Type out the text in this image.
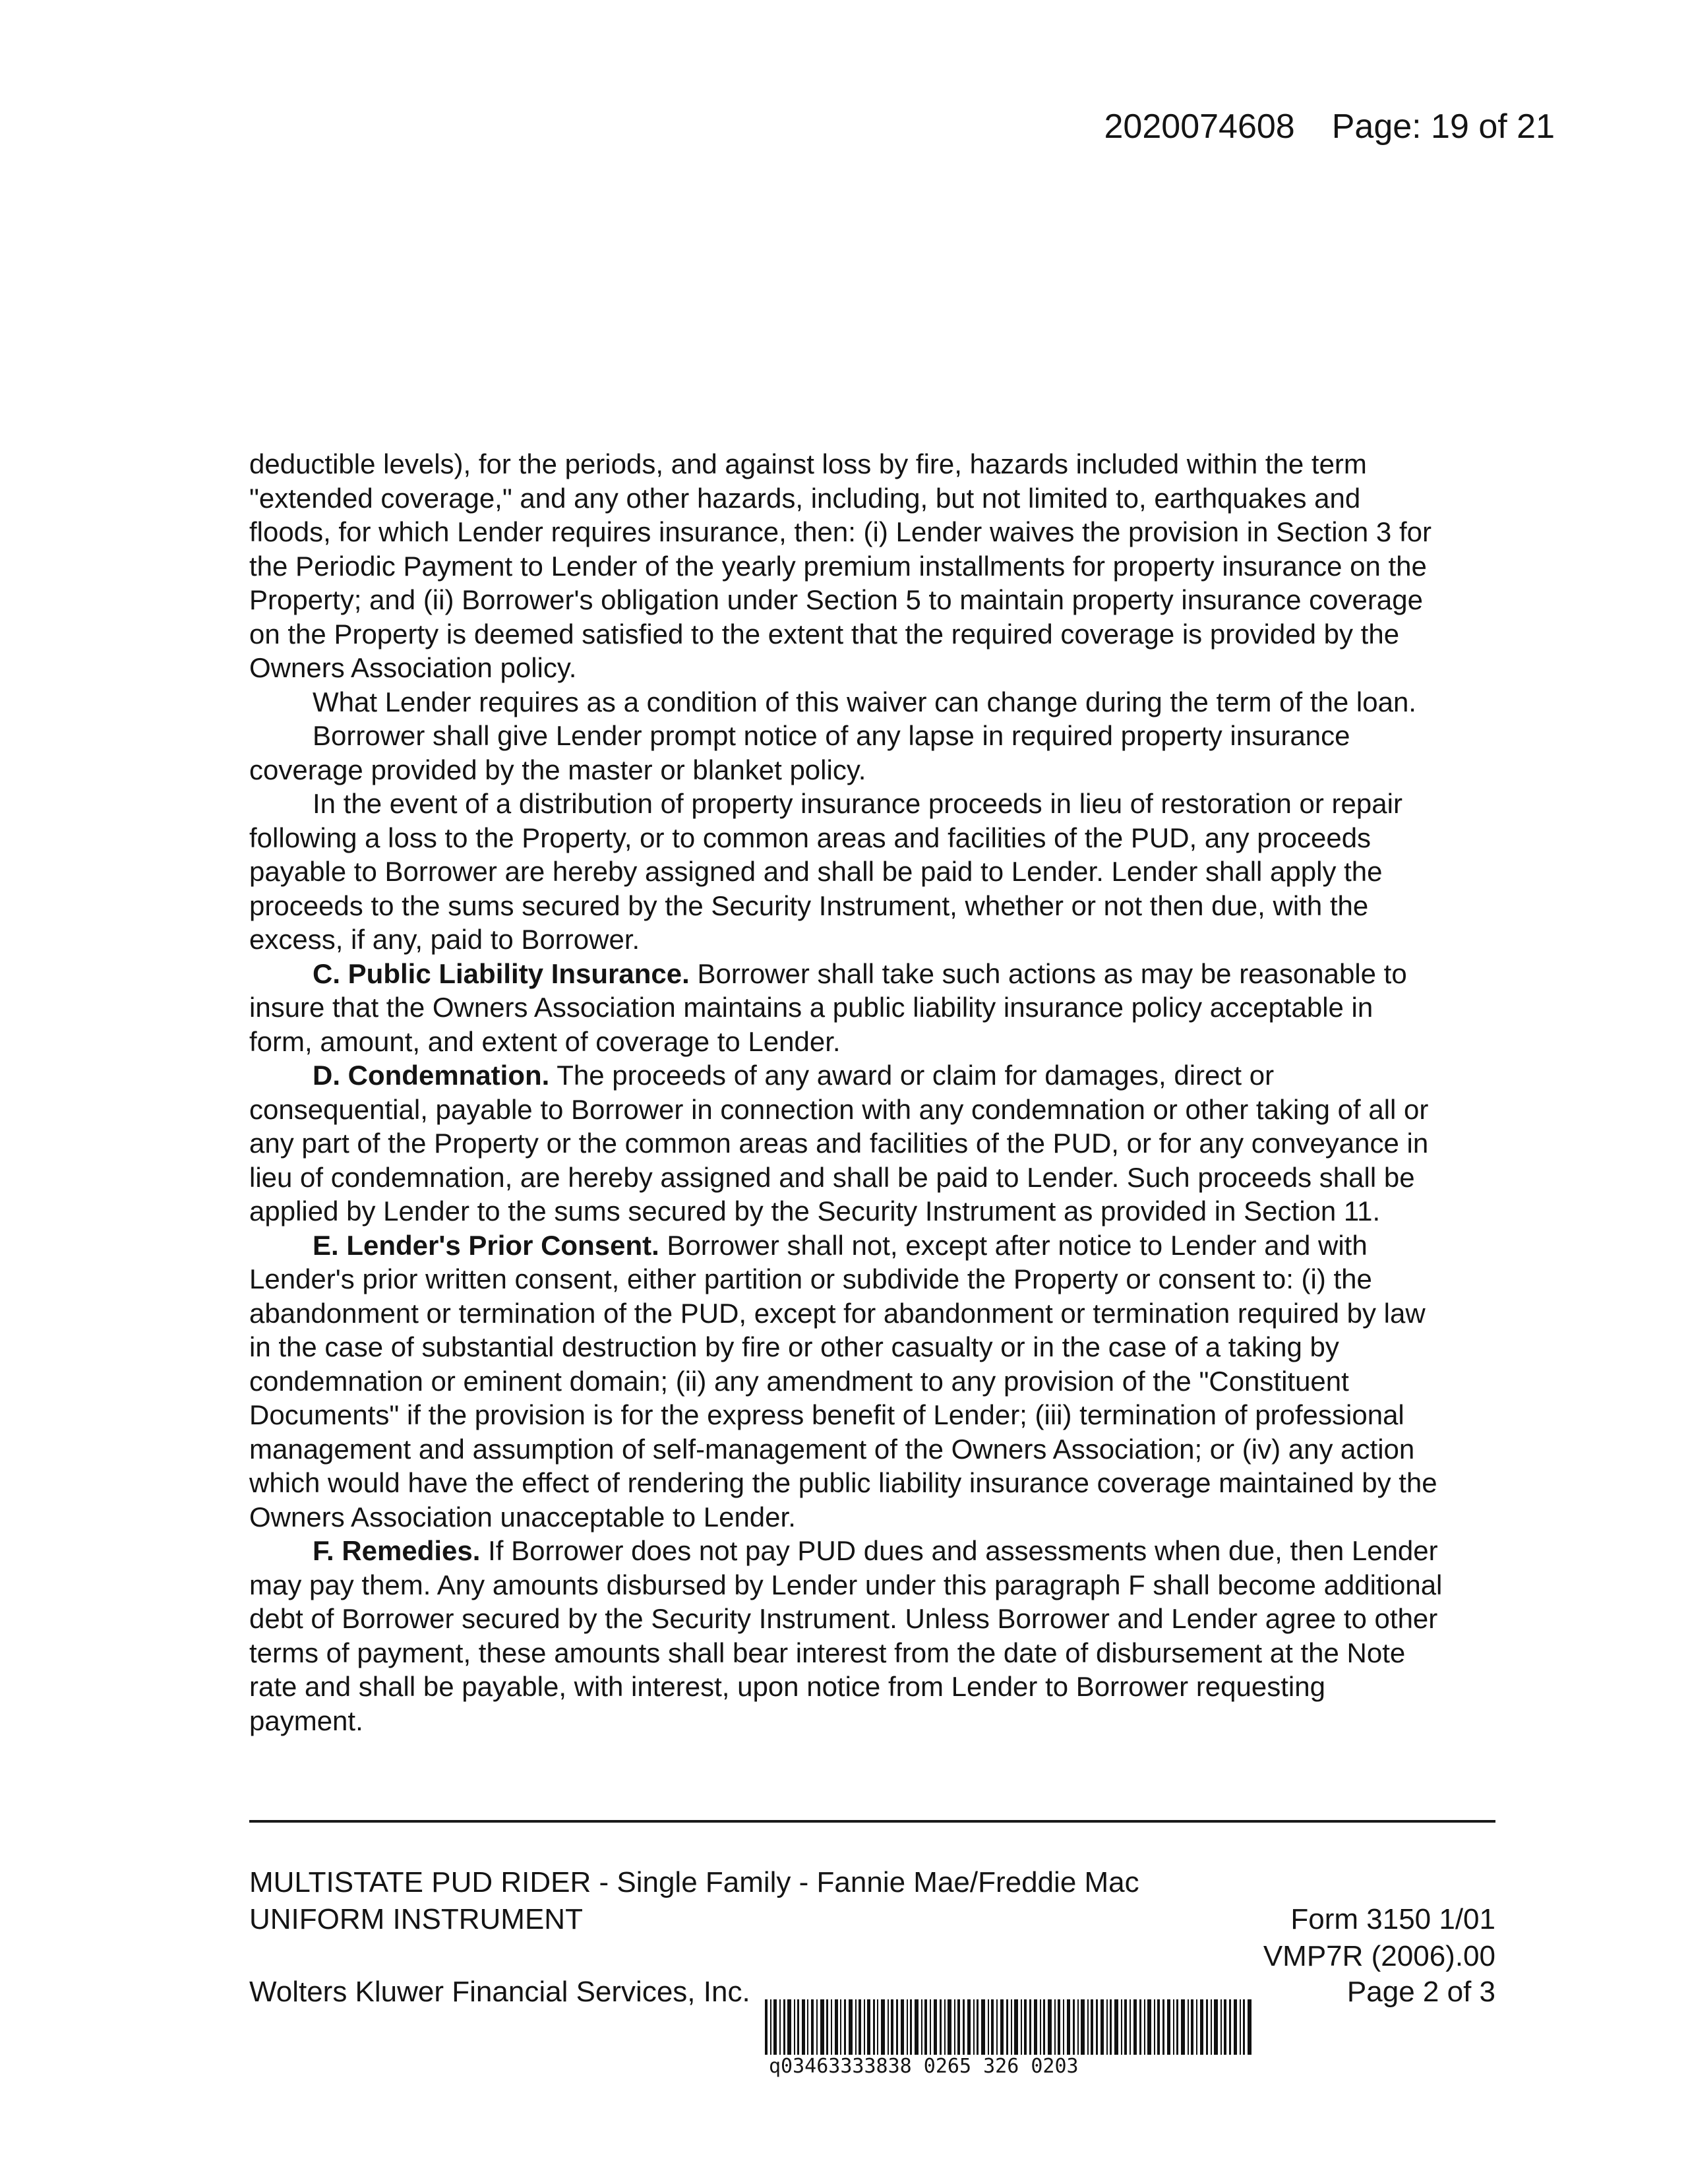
2020074608 Page: 19 of 21

deductible levels), for the periods, and against loss by fire, hazards included within the term "extended coverage," and any other hazards, including, but not limited to, earthquakes and floods, for which Lender requires insurance, then: (i) Lender waives the provision in Section 3 for the Periodic Payment to Lender of the yearly premium installments for property insurance on the Property; and (ii) Borrower's obligation under Section 5 to maintain property insurance coverage on the Property is deemed satisfied to the extent that the required coverage is provided by the Owners Association policy.

What Lender requires as a condition of this waiver can change during the term of the loan.

Borrower shall give Lender prompt notice of any lapse in required property insurance coverage provided by the master or blanket policy.

In the event of a distribution of property insurance proceeds in lieu of restoration or repair following a loss to the Property, or to common areas and facilities of the PUD, any proceeds payable to Borrower are hereby assigned and shall be paid to Lender. Lender shall apply the proceeds to the sums secured by the Security Instrument, whether or not then due, with the excess, if any, paid to Borrower.

C. Public Liability Insurance. Borrower shall take such actions as may be reasonable to insure that the Owners Association maintains a public liability insurance policy acceptable in form, amount, and extent of coverage to Lender.

D. Condemnation. The proceeds of any award or claim for damages, direct or consequential, payable to Borrower in connection with any condemnation or other taking of all or any part of the Property or the common areas and facilities of the PUD, or for any conveyance in lieu of condemnation, are hereby assigned and shall be paid to Lender. Such proceeds shall be applied by Lender to the sums secured by the Security Instrument as provided in Section 11.

E. Lender's Prior Consent. Borrower shall not, except after notice to Lender and with Lender's prior written consent, either partition or subdivide the Property or consent to: (i) the abandonment or termination of the PUD, except for abandonment or termination required by law in the case of substantial destruction by fire or other casualty or in the case of a taking by condemnation or eminent domain; (ii) any amendment to any provision of the "Constituent Documents" if the provision is for the express benefit of Lender; (iii) termination of professional management and assumption of self-management of the Owners Association; or (iv) any action which would have the effect of rendering the public liability insurance coverage maintained by the Owners Association unacceptable to Lender.

F. Remedies. If Borrower does not pay PUD dues and assessments when due, then Lender may pay them. Any amounts disbursed by Lender under this paragraph F shall become additional debt of Borrower secured by the Security Instrument. Unless Borrower and Lender agree to other terms of payment, these amounts shall bear interest from the date of disbursement at the Note rate and shall be payable, with interest, upon notice from Lender to Borrower requesting payment.

MULTISTATE PUD RIDER - Single Family - Fannie Mae/Freddie Mac
UNIFORM INSTRUMENT	Form 3150 1/01
VMP7R (2006).00
Wolters Kluwer Financial Services, Inc.	Page 2 of 3
q03463333838 0265 326 0203
